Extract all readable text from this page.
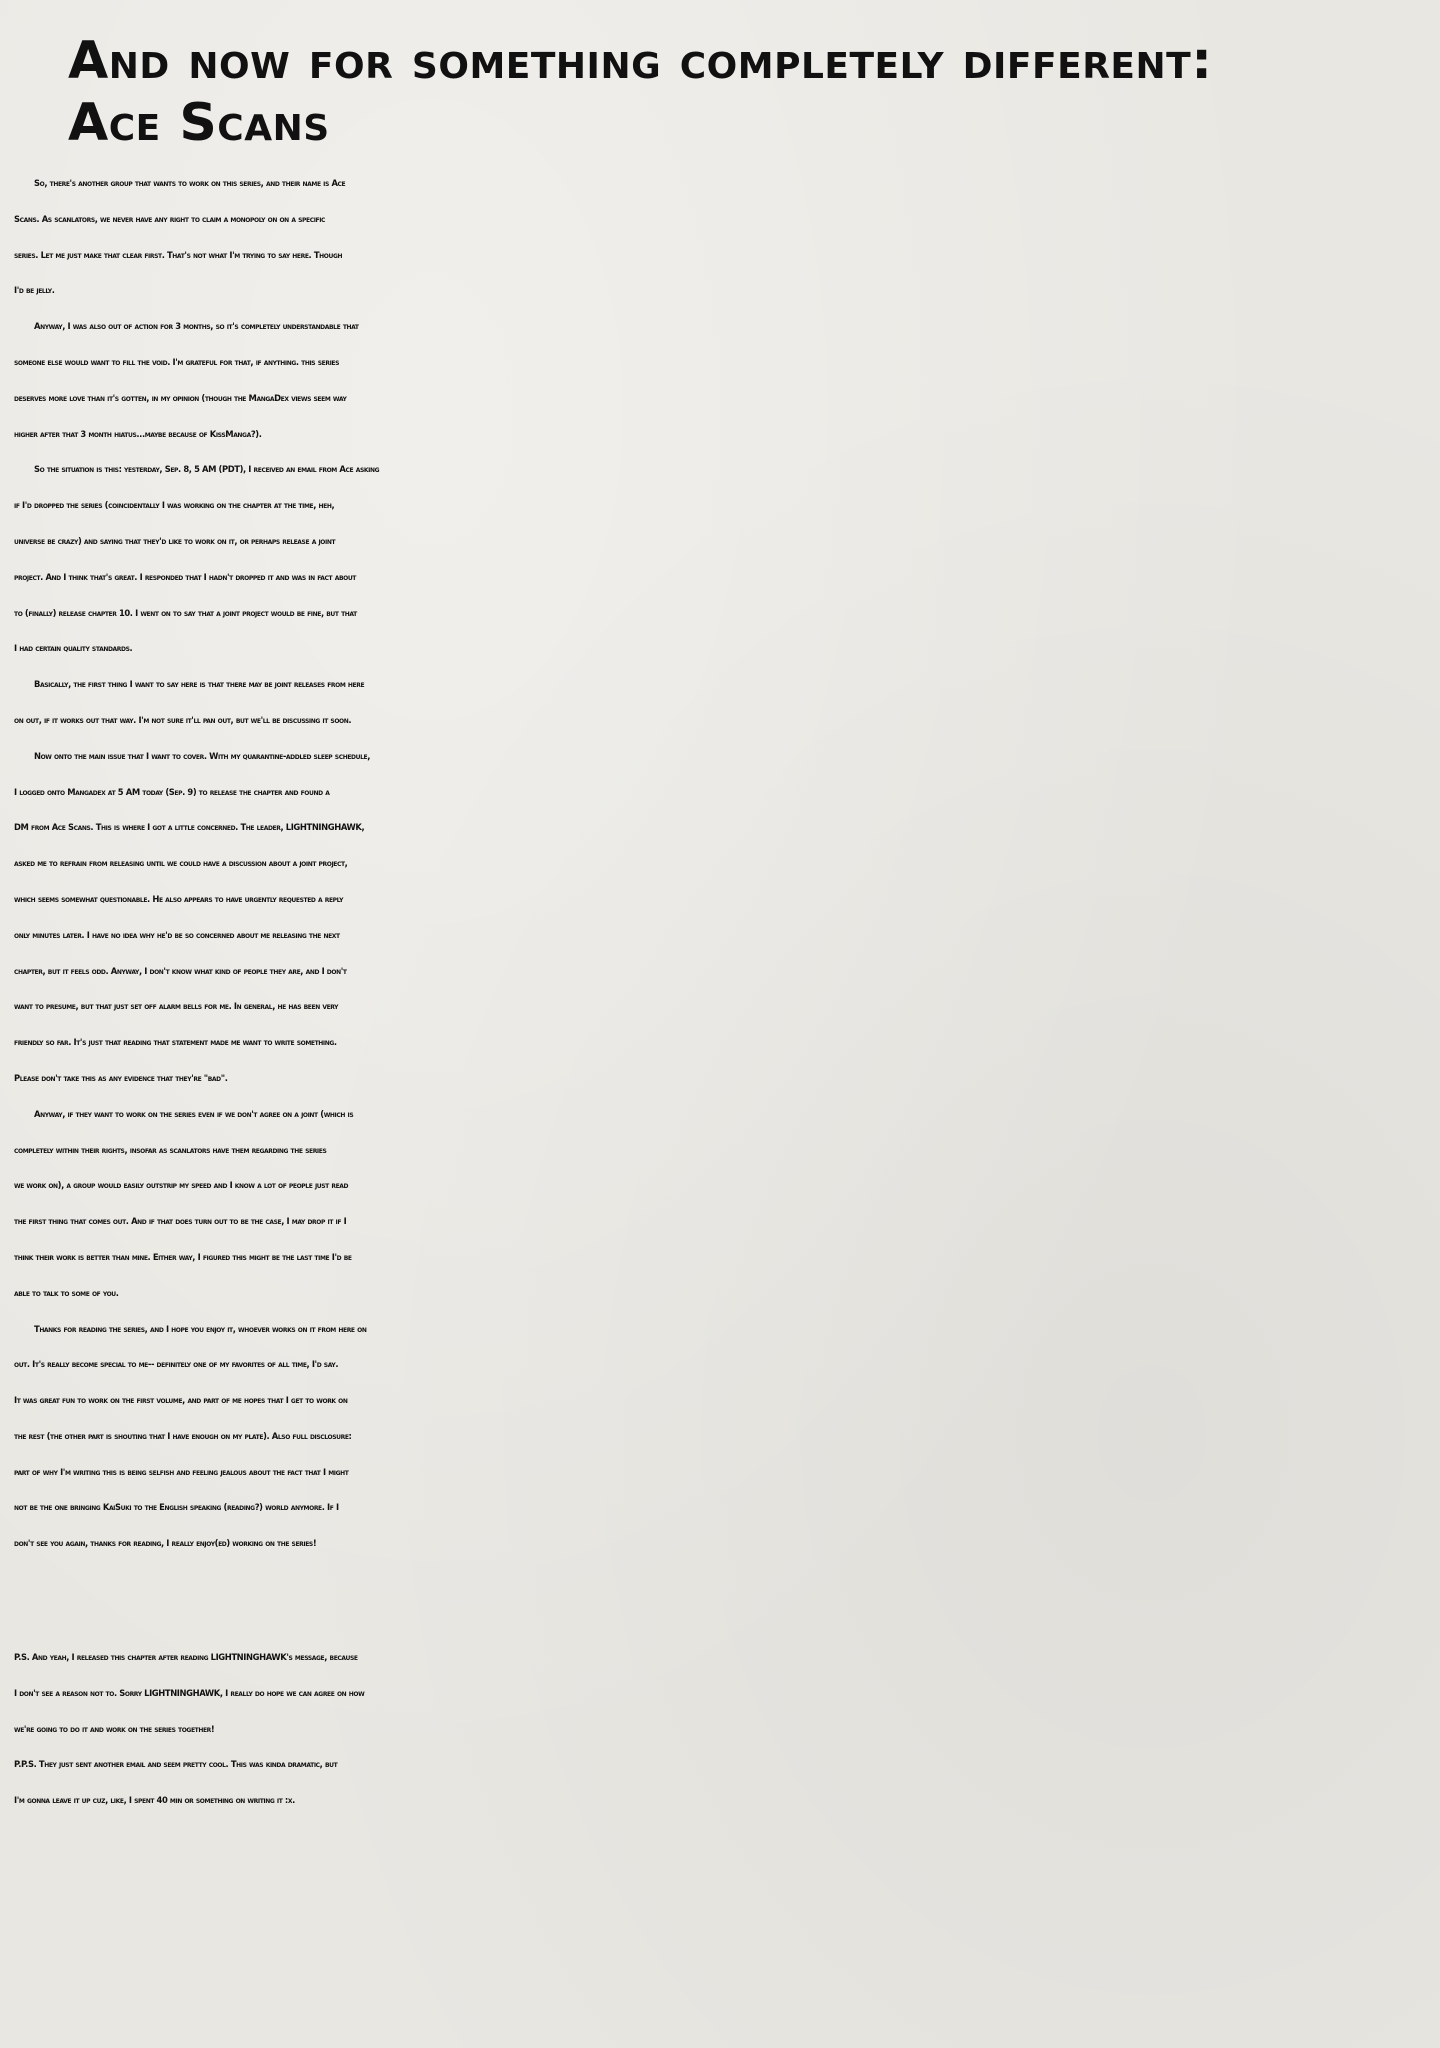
And now for something completely different:
Ace Scans

So, there's another group that wants to work on this series, and their name is Ace
Scans. As scanlators, we never have any right to claim a monopoly on on a specific
series. Let me just make that clear first. That's not what I'm trying to say here. Though
I'd be jelly.

Anyway, I was also out of action for 3 months, so it's completely understandable that
someone else would want to fill the void. I'm grateful for that, if anything. this series
deserves more love than it's gotten, in my opinion (though the MangaDex views seem way
higher after that 3 month hiatus...maybe because of KissManga?).

So the situation is this: yesterday, Sep. 8, 5 AM (PDT), I received an email from Ace asking
if I'd dropped the series (coincidentally I was working on the chapter at the time, heh,
universe be crazy) and saying that they'd like to work on it, or perhaps release a joint
project. And I think that's great. I responded that I hadn't dropped it and was in fact about
to (finally) release chapter 10. I went on to say that a joint project would be fine, but that
I had certain quality standards.

Basically, the first thing I want to say here is that there may be joint releases from here
on out, if it works out that way. I'm not sure it'll pan out, but we'll be discussing it soon.

Now onto the main issue that I want to cover. With my quarantine-addled sleep schedule,
I logged onto Mangadex at 5 AM today (Sep. 9) to release the chapter and found a
DM from Ace Scans. This is where I got a little concerned. The leader, LIGHTNINGHAWK,
asked me to refrain from releasing until we could have a discussion about a joint project,
which seems somewhat questionable. He also appears to have urgently requested a reply
only minutes later. I have no idea why he'd be so concerned about me releasing the next
chapter, but it feels odd. Anyway, I don't know what kind of people they are, and I don't
want to presume, but that just set off alarm bells for me. In general, he has been very
friendly so far. It's just that reading that statement made me want to write something.
Please don't take this as any evidence that they're "bad".

Anyway, if they want to work on the series even if we don't agree on a joint (which is
completely within their rights, insofar as scanlators have them regarding the series
we work on), a group would easily outstrip my speed and I know a lot of people just read
the first thing that comes out. And if that does turn out to be the case, I may drop it if I
think their work is better than mine. Either way, I figured this might be the last time I'd be
able to talk to some of you.

Thanks for reading the series, and I hope you enjoy it, whoever works on it from here on
out. It's really become special to me-- definitely one of my favorites of all time, I'd say.
It was great fun to work on the first volume, and part of me hopes that I get to work on
the rest (the other part is shouting that I have enough on my plate). Also full disclosure:
part of why I'm writing this is being selfish and feeling jealous about the fact that I might
not be the one bringing KaiSuki to the English speaking (reading?) world anymore. If I
don't see you again, thanks for reading, I really enjoy(ed) working on the series!

P.S. And yeah, I released this chapter after reading LIGHTNINGHAWK's message, because
I don't see a reason not to. Sorry LIGHTNINGHAWK, I really do hope we can agree on how
we're going to do it and work on the series together!

P.P.S. They just sent another email and seem pretty cool. This was kinda dramatic, but
I'm gonna leave it up cuz, like, I spent 40 min or something on writing it :x.
